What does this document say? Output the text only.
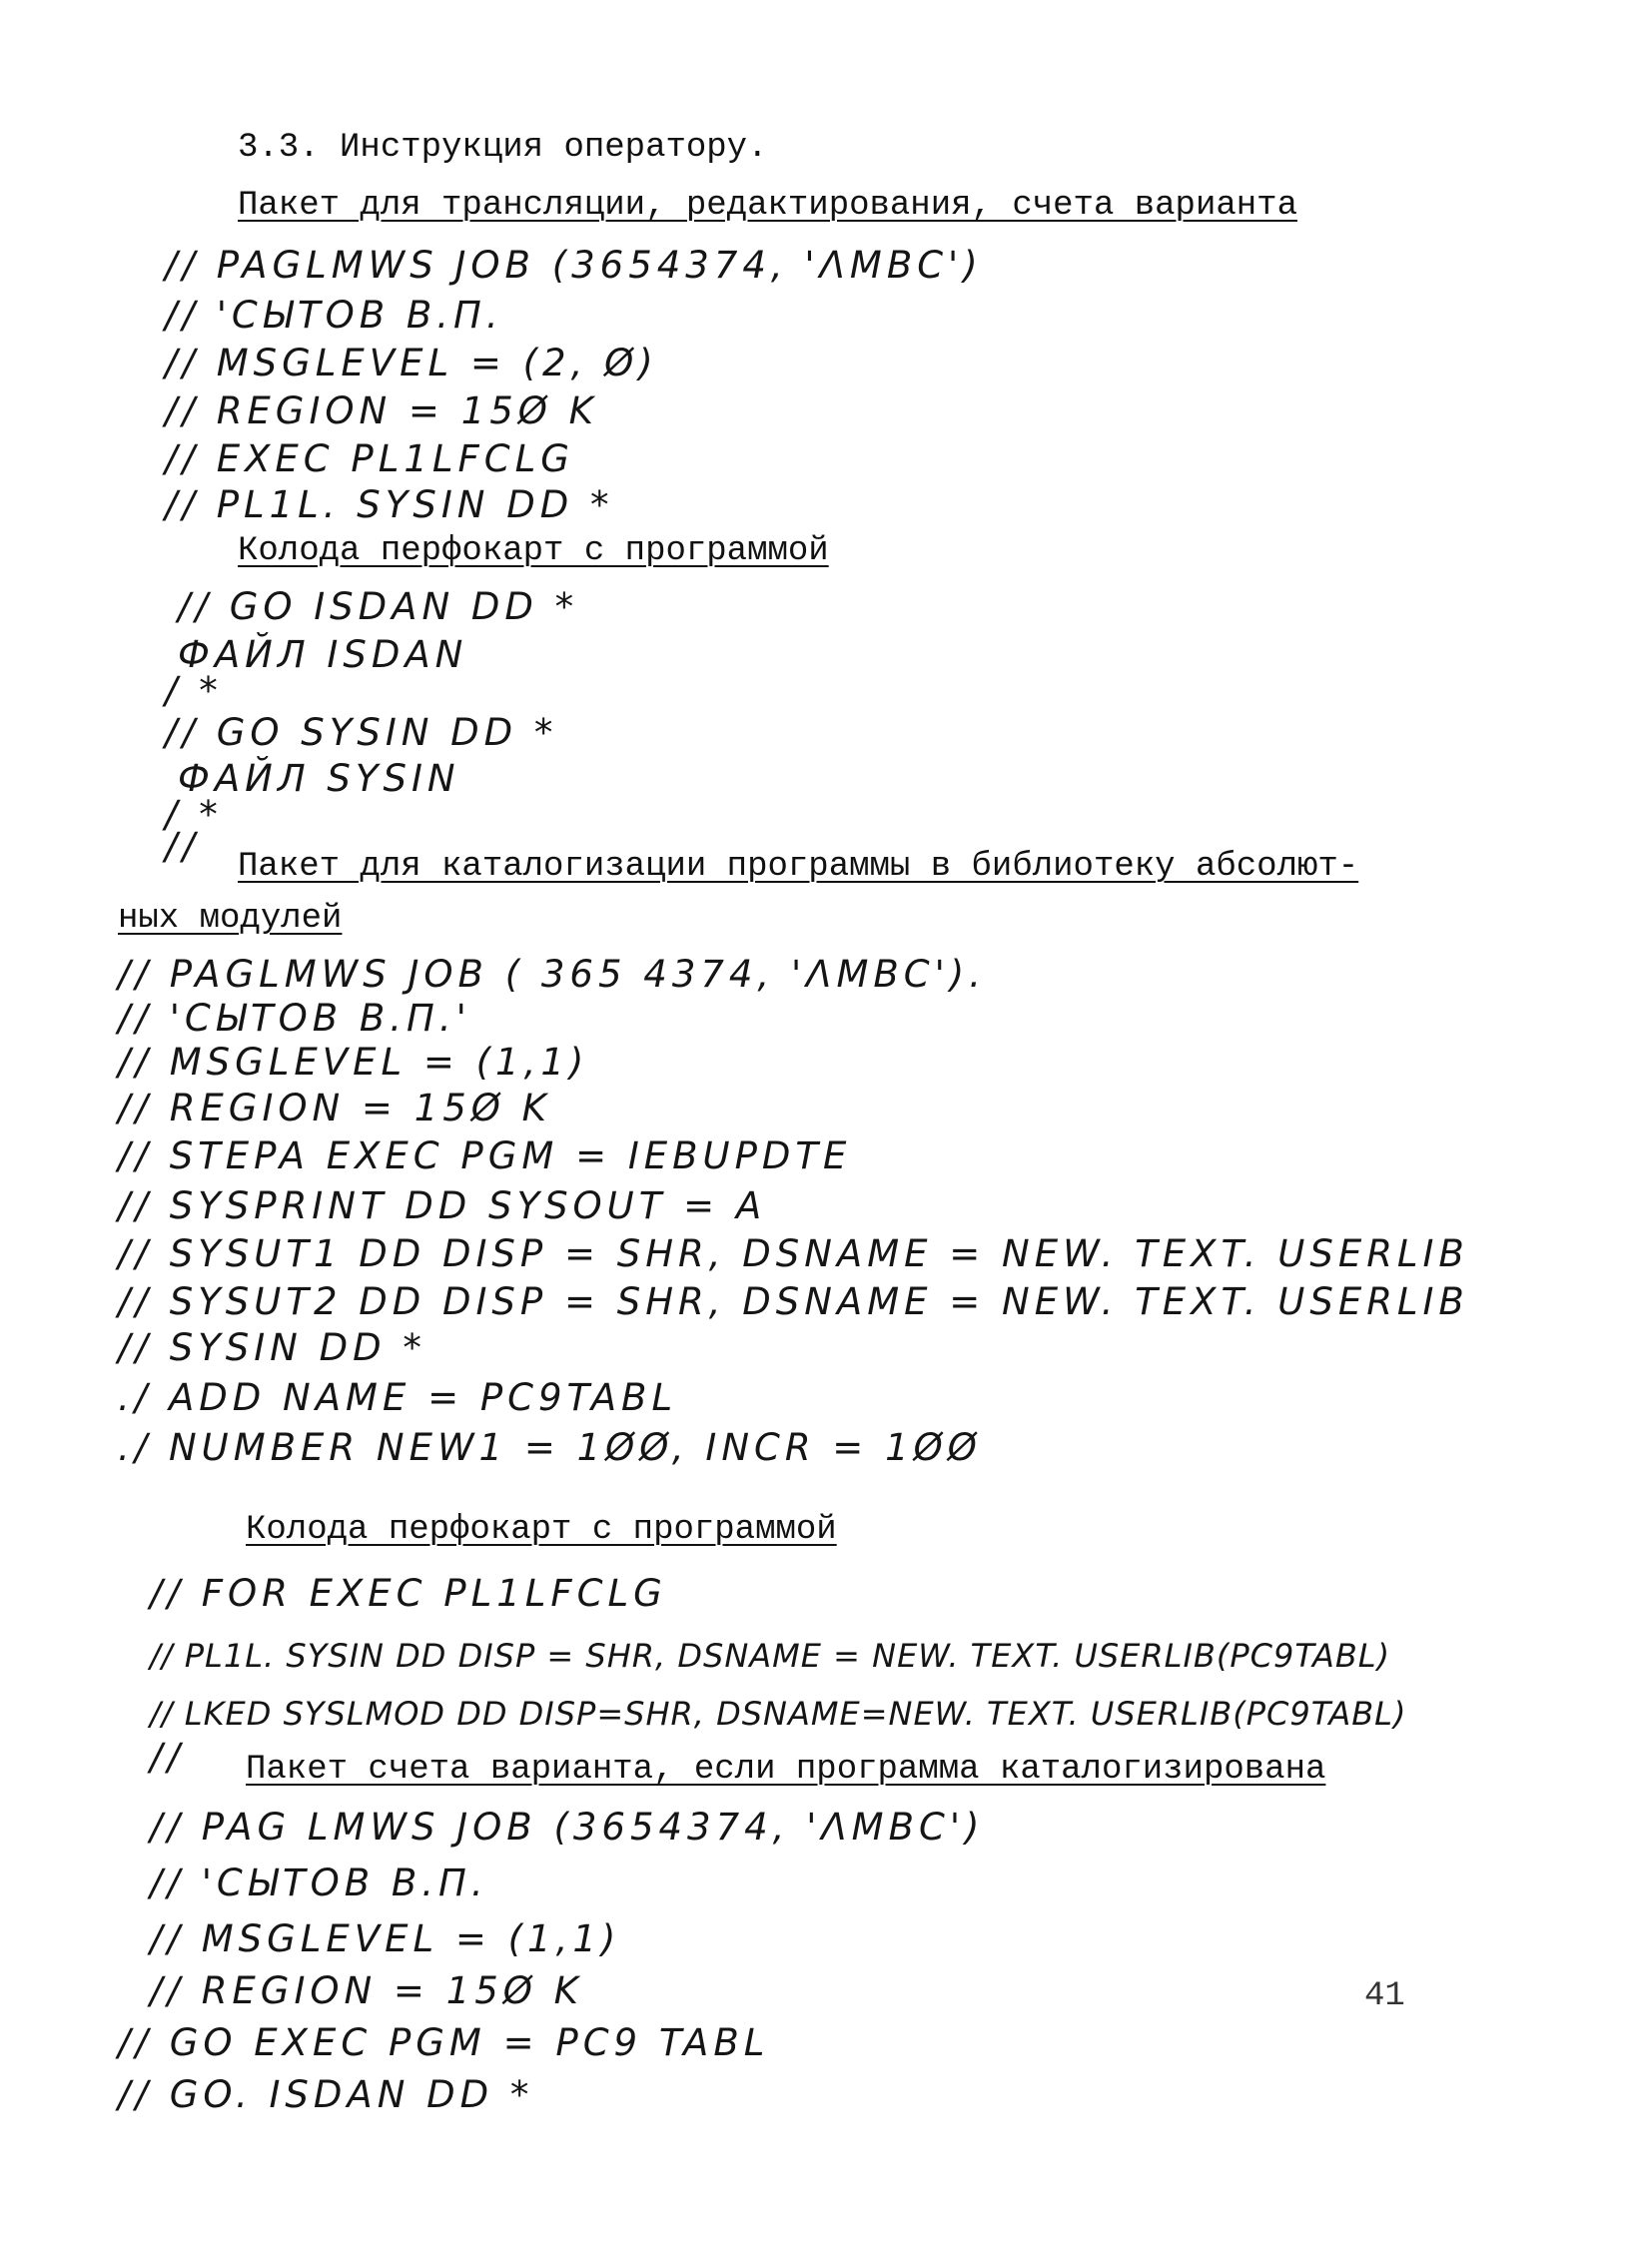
3.3. Инструкция оператору.
Пакет для трансляции, редактирования, счета варианта
// PAGLMWS JOB (3654374, 'ΛMBC')
// 'СЫТОВ В.П.
// MSGLEVEL = (2, Ø)
// REGION = 15Ø K
// EXEC PL1LFCLG
// PL1L. SYSIN DD *
Колода перфокарт с программой
// GO ISDAN DD *
ФАЙЛ ISDAN
/ *
// GO SYSIN DD *
ФАЙЛ SYSIN
/ *
// Пакет для каталогизации программы в библиотеку абсолют-
ных модулей
// PAGLMWS JOB ( 365 4374, 'ΛMBC').
// 'СЫТОВ В.П.'
// MSGLEVEL = (1,1)
// REGION = 15Ø K
// STEPA EXEC PGM = IEBUPDTE
// SYSPRINT DD SYSOUT = A
// SYSUT1 DD DISP = SHR, DSNAME = NEW. TEXT. USERLIB
// SYSUT2 DD DISP = SHR, DSNAME = NEW. TEXT. USERLIB
// SYSIN DD *
./ ADD NAME = PC9TABL
./ NUMBER NEW1 = 1ØØ, INCR = 1ØØ
Колода перфокарт с программой
// FOR EXEC PL1LFCLG
// PL1L. SYSIN DD DISP = SHR, DSNAME = NEW. TEXT. USERLIB(PC9TABL)
// LKED SYSLMOD DD DISP=SHR, DSNAME=NEW. TEXT. USERLIB(PC9TABL)
// Пакет счета варианта, если программа каталогизирована
// PAG LMWS JOB (3654374, 'ΛMBC')
// 'СЫТОВ В.П.
// MSGLEVEL = (1,1)
// REGION = 15Ø K
// GO EXEC PGM = PC9 TABL
// GO. ISDAN DD *
41
